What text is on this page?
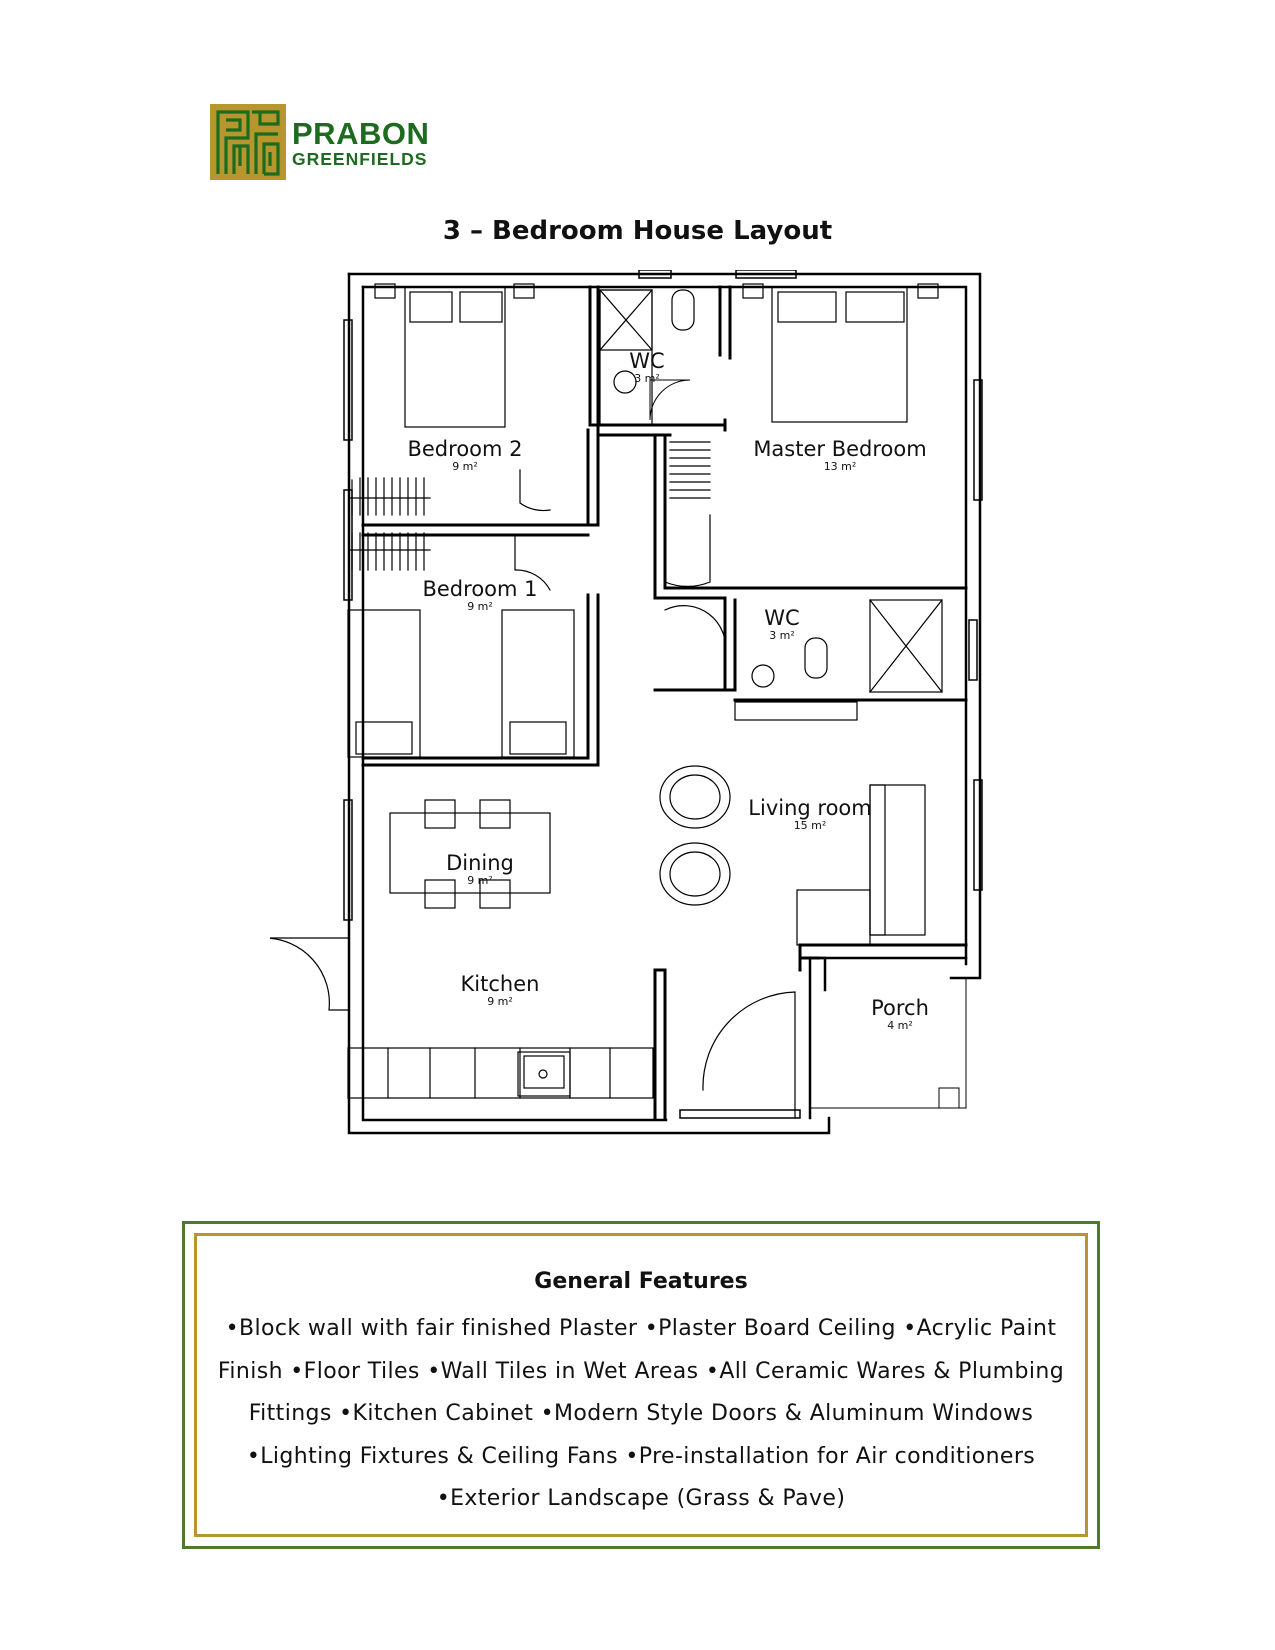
PRABON
GREENFIELDS
3 – Bedroom House Layout
WC
3 m²
Bedroom 2
9 m²
Master Bedroom
13 m²
Bedroom 1
9 m²	WC
3 m²
Living room
15 m²
Dining
9 m²
Kitchen
9 m²	Porch
4 m²
General Features
•Block wall with fair finished Plaster •Plaster Board Ceiling •Acrylic Paint Finish •Floor Tiles •Wall Tiles in Wet Areas •All Ceramic Wares & Plumbing Fittings •Kitchen Cabinet •Modern Style Doors & Aluminum Windows •Lighting Fixtures & Ceiling Fans •Pre-installation for Air conditioners •Exterior Landscape (Grass & Pave)
